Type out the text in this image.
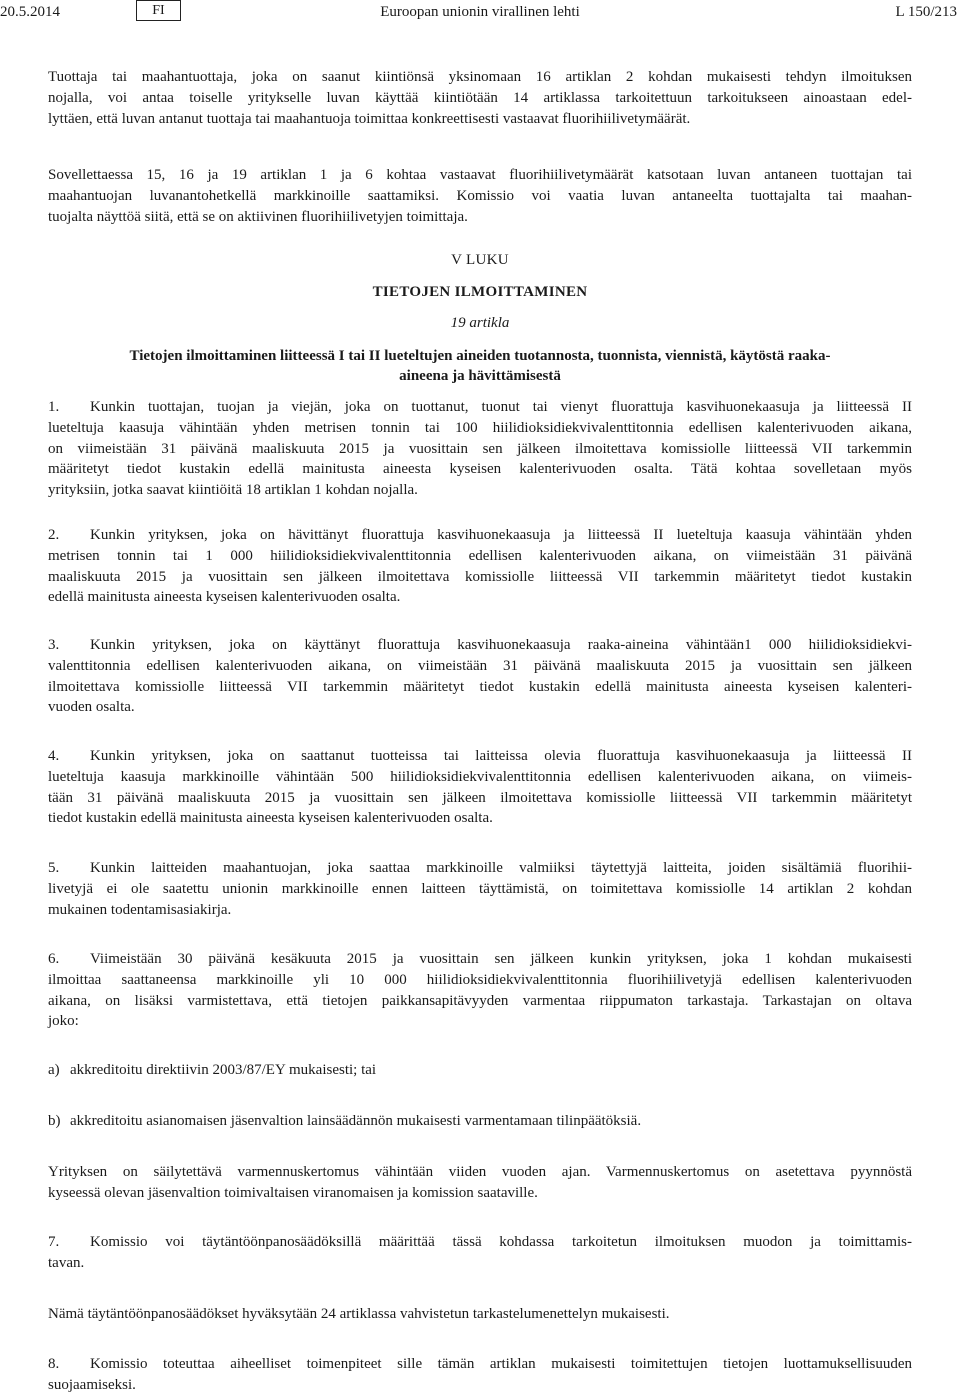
20.5.2014	FI	Euroopan unionin virallinen lehti	L 150/213
Tuottaja tai maahantuottaja, joka on saanut kiintiönsä yksinomaan 16 artiklan 2 kohdan mukaisesti tehdyn ilmoituksen
nojalla, voi antaa toiselle yritykselle luvan käyttää kiintiötään 14 artiklassa tarkoitettuun tarkoitukseen ainoastaan edel-
lyttäen, että luvan antanut tuottaja tai maahantuoja toimittaa konkreettisesti vastaavat fluorihiilivetymäärät.
Sovellettaessa 15, 16 ja 19 artiklan 1 ja 6 kohtaa vastaavat fluorihiilivetymäärät katsotaan luvan antaneen tuottajan tai
maahantuojan luvanantohetkellä markkinoille saattamiksi. Komissio voi vaatia luvan antaneelta tuottajalta tai maahan-
tuojalta näyttöä siitä, että se on aktiivinen fluorihiilivetyjen toimittaja.
V LUKU
TIETOJEN ILMOITTAMINEN
19 artikla
Tietojen ilmoittaminen liitteessä I tai II lueteltujen aineiden tuotannosta, tuonnista, viennistä, käytöstä raaka-
aineena ja hävittämisestä
1. Kunkin tuottajan, tuojan ja viejän, joka on tuottanut, tuonut tai vienyt fluorattuja kasvihuonekaasuja ja liitteessä II
lueteltuja kaasuja vähintään yhden metrisen tonnin tai 100 hiilidioksidiekvivalenttitonnia edellisen kalenterivuoden aikana,
on viimeistään 31 päivänä maaliskuuta 2015 ja vuosittain sen jälkeen ilmoitettava komissiolle liitteessä VII tarkemmin
määritetyt tiedot kustakin edellä mainitusta aineesta kyseisen kalenterivuoden osalta. Tätä kohtaa sovelletaan myös
yrityksiin, jotka saavat kiintiöitä 18 artiklan 1 kohdan nojalla.
2. Kunkin yrityksen, joka on hävittänyt fluorattuja kasvihuonekaasuja ja liitteessä II lueteltuja kaasuja vähintään yhden
metrisen tonnin tai 1 000 hiilidioksidiekvivalenttitonnia edellisen kalenterivuoden aikana, on viimeistään 31 päivänä
maaliskuuta 2015 ja vuosittain sen jälkeen ilmoitettava komissiolle liitteessä VII tarkemmin määritetyt tiedot kustakin
edellä mainitusta aineesta kyseisen kalenterivuoden osalta.
3. Kunkin yrityksen, joka on käyttänyt fluorattuja kasvihuonekaasuja raaka-aineina vähintään1 000 hiilidioksidiekvi-
valenttitonnia edellisen kalenterivuoden aikana, on viimeistään 31 päivänä maaliskuuta 2015 ja vuosittain sen jälkeen
ilmoitettava komissiolle liitteessä VII tarkemmin määritetyt tiedot kustakin edellä mainitusta aineesta kyseisen kalenteri-
vuoden osalta.
4. Kunkin yrityksen, joka on saattanut tuotteissa tai laitteissa olevia fluorattuja kasvihuonekaasuja ja liitteessä II
lueteltuja kaasuja markkinoille vähintään 500 hiilidioksidiekvivalenttitonnia edellisen kalenterivuoden aikana, on viimeis-
tään 31 päivänä maaliskuuta 2015 ja vuosittain sen jälkeen ilmoitettava komissiolle liitteessä VII tarkemmin määritetyt
tiedot kustakin edellä mainitusta aineesta kyseisen kalenterivuoden osalta.
5. Kunkin laitteiden maahantuojan, joka saattaa markkinoille valmiiksi täytettyjä laitteita, joiden sisältämiä fluorihii-
livetyjä ei ole saatettu unionin markkinoille ennen laitteen täyttämistä, on toimitettava komissiolle 14 artiklan 2 kohdan
mukainen todentamisasiakirja.
6. Viimeistään 30 päivänä kesäkuuta 2015 ja vuosittain sen jälkeen kunkin yrityksen, joka 1 kohdan mukaisesti
ilmoittaa saattaneensa markkinoille yli 10 000 hiilidioksidiekvivalenttitonnia fluorihiilivetyjä edellisen kalenterivuoden
aikana, on lisäksi varmistettava, että tietojen paikkansapitävyyden varmentaa riippumaton tarkastaja. Tarkastajan on oltava
joko:
a) akkreditoitu direktiivin 2003/87/EY mukaisesti; tai
b) akkreditoitu asianomaisen jäsenvaltion lainsäädännön mukaisesti varmentamaan tilinpäätöksiä.
Yrityksen on säilytettävä varmennuskertomus vähintään viiden vuoden ajan. Varmennuskertomus on asetettava pyynnöstä
kyseessä olevan jäsenvaltion toimivaltaisen viranomaisen ja komission saataville.
7. Komissio voi täytäntöönpanosäädöksillä määrittää tässä kohdassa tarkoitetun ilmoituksen muodon ja toimittamis-
tavan.
Nämä täytäntöönpanosäädökset hyväksytään 24 artiklassa vahvistetun tarkastelumenettelyn mukaisesti.
8. Komissio toteuttaa aiheelliset toimenpiteet sille tämän artiklan mukaisesti toimitettujen tietojen luottamuksellisuuden
suojaamiseksi.
